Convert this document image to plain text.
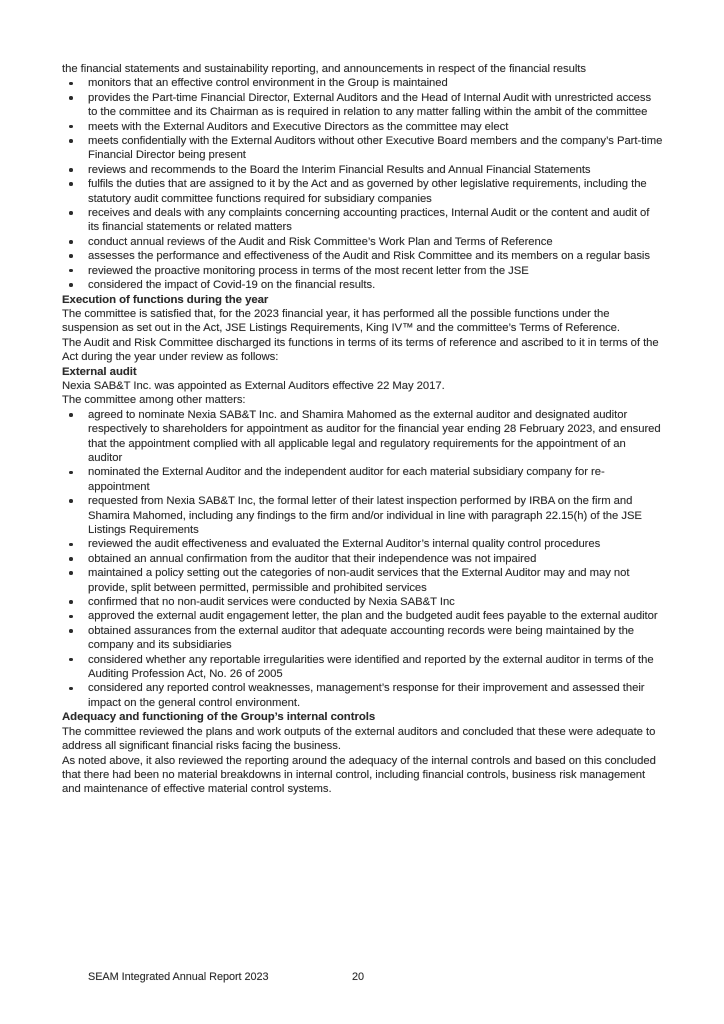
the financial statements and sustainability reporting, and announcements in respect of the financial results

monitors that an effective control environment in the Group is maintained
provides the Part-time Financial Director, External Auditors and the Head of Internal Audit with unrestricted access to the committee and its Chairman as is required in relation to any matter falling within the ambit of the committee
meets with the External Auditors and Executive Directors as the committee may elect
meets confidentially with the External Auditors without other Executive Board members and the company’s Part-time Financial Director being present
reviews and recommends to the Board the Interim Financial Results and Annual Financial Statements
fulfils the duties that are assigned to it by the Act and as governed by other legislative requirements, including the statutory audit committee functions required for subsidiary companies
receives and deals with any complaints concerning accounting practices, Internal Audit or the content and audit of its financial statements or related matters
conduct annual reviews of the Audit and Risk Committee’s Work Plan and Terms of Reference
assesses the performance and effectiveness of the Audit and Risk Committee and its members on a regular basis
reviewed the proactive monitoring process in terms of the most recent letter from the JSE
considered the impact of Covid-19 on the financial results.
Execution of functions during the year

The committee is satisfied that, for the 2023 financial year, it has performed all the possible functions under the suspension as set out in the Act, JSE Listings Requirements, King IV™ and the committee’s Terms of Reference.

The Audit and Risk Committee discharged its functions in terms of its terms of reference and ascribed to it in terms of the Act during the year under review as follows:

External audit

Nexia SAB&T Inc. was appointed as External Auditors effective 22 May 2017.

The committee among other matters:

agreed to nominate Nexia SAB&T Inc. and Shamira Mahomed as the external auditor and designated auditor respectively to shareholders for appointment as auditor for the financial year ending 28 February 2023, and ensured that the appointment complied with all applicable legal and regulatory requirements for the appointment of an auditor
nominated the External Auditor and the independent auditor for each material subsidiary company for re-appointment
requested from Nexia SAB&T Inc, the formal letter of their latest inspection performed by IRBA on the firm and Shamira Mahomed, including any findings to the firm and/or individual in line with paragraph 22.15(h) of the JSE Listings Requirements
reviewed the audit effectiveness and evaluated the External Auditor’s internal quality control procedures
obtained an annual confirmation from the auditor that their independence was not impaired
maintained a policy setting out the categories of non-audit services that the External Auditor may and may not provide, split between permitted, permissible and prohibited services
confirmed that no non-audit services were conducted by Nexia SAB&T Inc
approved the external audit engagement letter, the plan and the budgeted audit fees payable to the external auditor
obtained assurances from the external auditor that adequate accounting records were being maintained by the company and its subsidiaries
considered whether any reportable irregularities were identified and reported by the external auditor in terms of the Auditing Profession Act, No. 26 of 2005
considered any reported control weaknesses, management’s response for their improvement and assessed their impact on the general control environment.
Adequacy and functioning of the Group’s internal controls

The committee reviewed the plans and work outputs of the external auditors and concluded that these were adequate to address all significant financial risks facing the business.

As noted above, it also reviewed the reporting around the adequacy of the internal controls and based on this concluded that there had been no material breakdowns in internal control, including financial controls, business risk management and maintenance of effective material control systems.

SEAM Integrated Annual Report 2023	20
